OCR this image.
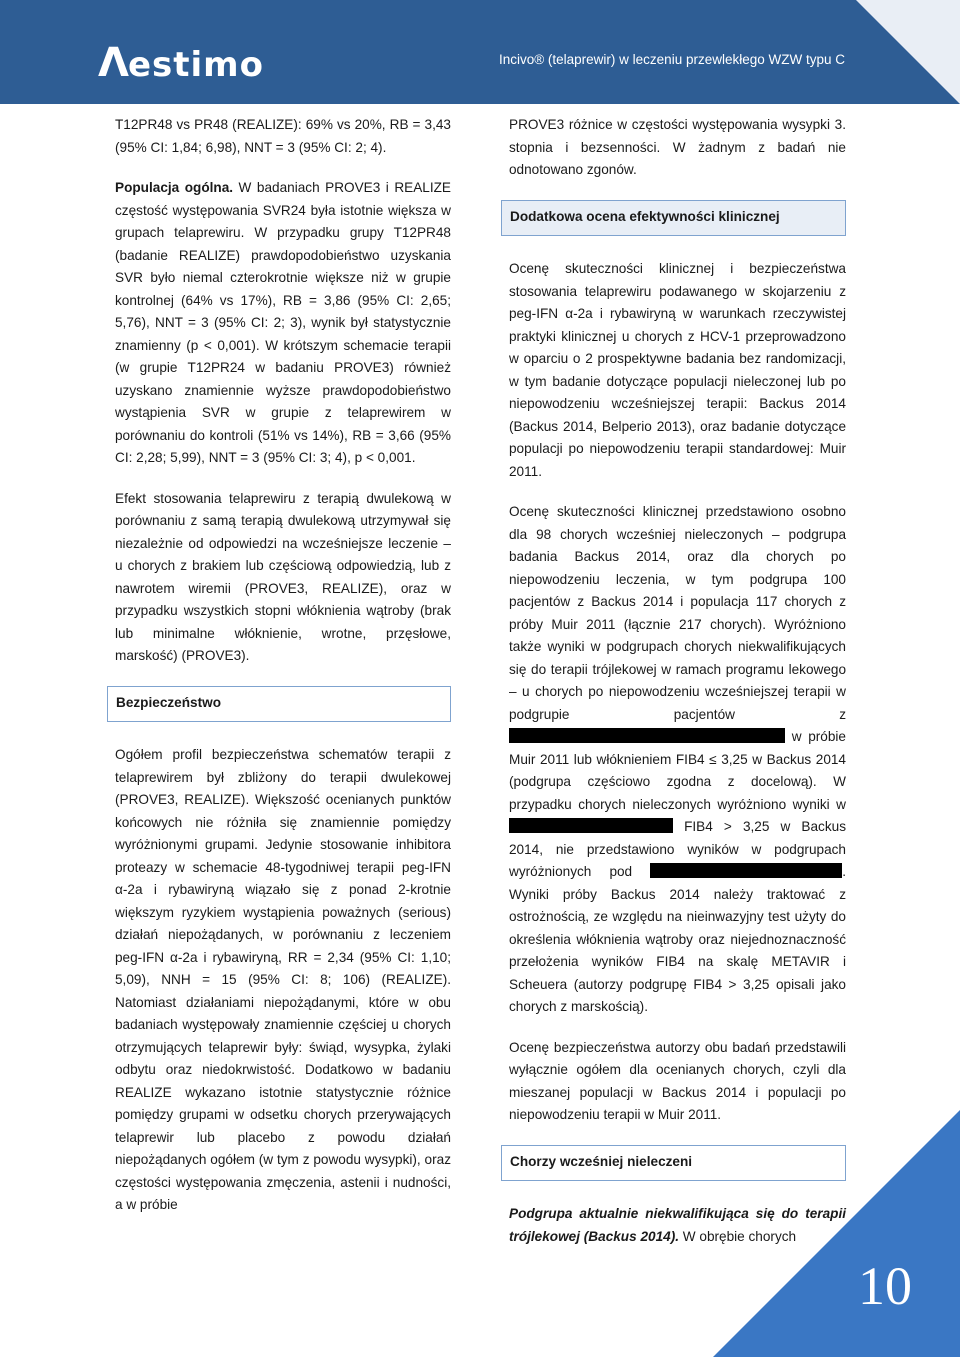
Λestimo	Incivo® (telaprewir) w leczeniu przewlekłego WZW typu C

T12PR48 vs PR48 (REALIZE): 69% vs 20%, RB = 3,43 (95% CI: 1,84; 6,98), NNT = 3 (95% CI: 2; 4).

Populacja ogólna. W badaniach PROVE3 i REALIZE częstość występowania SVR24 była istotnie większa w grupach telaprewiru. W przypadku grupy T12PR48 (badanie REALIZE) prawdopodobieństwo uzyskania SVR było niemal czterokrotnie większe niż w grupie kontrolnej (64% vs 17%), RB = 3,86 (95% CI: 2,65; 5,76), NNT = 3 (95% CI: 2; 3), wynik był statystycznie znamienny (p < 0,001). W krótszym schemacie terapii (w grupie T12PR24 w badaniu PROVE3) również uzyskano znamiennie wyższe prawdopodobieństwo wystąpienia SVR w grupie z telaprewirem w porównaniu do kontroli (51% vs 14%), RB = 3,66 (95% CI: 2,28; 5,99), NNT = 3 (95% CI: 3; 4), p < 0,001.

Efekt stosowania telaprewiru z terapią dwulekową w porównaniu z samą terapią dwulekową utrzymywał się niezależnie od odpowiedzi na wcześniejsze leczenie – u chorych z brakiem lub częściową odpowiedzią, lub z nawrotem wiremii (PROVE3, REALIZE), oraz w przypadku wszystkich stopni włóknienia wątroby (brak lub minimalne włóknienie, wrotne, przęsłowe, marskość) (PROVE3).

Bezpieczeństwo

Ogółem profil bezpieczeństwa schematów terapii z telaprewirem był zbliżony do terapii dwulekowej (PROVE3, REALIZE). Większość ocenianych punktów końcowych nie różniła się znamiennie pomiędzy wyróżnionymi grupami. Jedynie stosowanie inhibitora proteazy w schemacie 48-tygodniwej terapii peg-IFN α-2a i rybawiryną wiązało się z ponad 2-krotnie większym ryzykiem wystąpienia poważnych (serious) działań niepożądanych, w porównaniu z leczeniem peg-IFN α-2a i rybawiryną, RR = 2,34 (95% CI: 1,10; 5,09), NNH = 15 (95% CI: 8; 106) (REALIZE). Natomiast działaniami niepożądanymi, które w obu badaniach występowały znamiennie częściej u chorych otrzymujących telaprewir były: świąd, wysypka, żylaki odbytu oraz niedokrwistość. Dodatkowo w badaniu REALIZE wykazano istotnie statystycznie różnice pomiędzy grupami w odsetku chorych przerywających telaprewir lub placebo z powodu działań niepożądanych ogółem (w tym z powodu wysypki), oraz częstości występowania zmęczenia, astenii i nudności, a w próbie

PROVE3 różnice w częstości występowania wysypki 3. stopnia i bezsenności. W żadnym z badań nie odnotowano zgonów.

Dodatkowa ocena efektywności klinicznej

Ocenę skuteczności klinicznej i bezpieczeństwa stosowania telaprewiru podawanego w skojarzeniu z peg-IFN α-2a i rybawiryną w warunkach rzeczywistej praktyki klinicznej u chorych z HCV-1 przeprowadzono w oparciu o 2 prospektywne badania bez randomizacji, w tym badanie dotyczące populacji nieleczonej lub po niepowodzeniu wcześniejszej terapii: Backus 2014 (Backus 2014, Belperio 2013), oraz badanie dotyczące populacji po niepowodzeniu terapii standardowej: Muir 2011.

Ocenę skuteczności klinicznej przedstawiono osobno dla 98 chorych wcześniej nieleczonych – podgrupa badania Backus 2014, oraz dla chorych po niepowodzeniu leczenia, w tym podgrupa 100 pacjentów z Backus 2014 i populacja 117 chorych z próby Muir 2011 (łącznie 217 chorych). Wyróżniono także wyniki w podgrupach chorych niekwalifikujących się do terapii trójlekowej w ramach programu lekowego – u chorych po niepowodzeniu wcześniejszej terapii w podgrupie pacjentów z w próbie Muir 2011 lub włóknieniem FIB4 ≤ 3,25 w Backus 2014 (podgrupa częściowo zgodna z docelową). W przypadku chorych nieleczonych wyróżniono wyniki w  FIB4 > 3,25 w Backus 2014, nie przedstawiono wyników w podgrupach wyróżnionych pod	. Wyniki próby Backus 2014 należy traktować z ostrożnością, ze względu na nieinwazyjny test użyty do określenia włóknienia wątroby oraz niejednoznaczność przełożenia wyników FIB4 na skalę METAVIR i Scheuera (autorzy podgrupę FIB4 > 3,25 opisali jako chorych z marskością).

Ocenę bezpieczeństwa autorzy obu badań przedstawili wyłącznie ogółem dla ocenianych chorych, czyli dla mieszanej populacji w Backus 2014 i populacji po niepowodzeniu terapii w Muir 2011.

Chorzy wcześniej nieleczeni

Podgrupa aktualnie niekwalifikująca się do terapii trójlekowej (Backus 2014). W obrębie chorych

10
